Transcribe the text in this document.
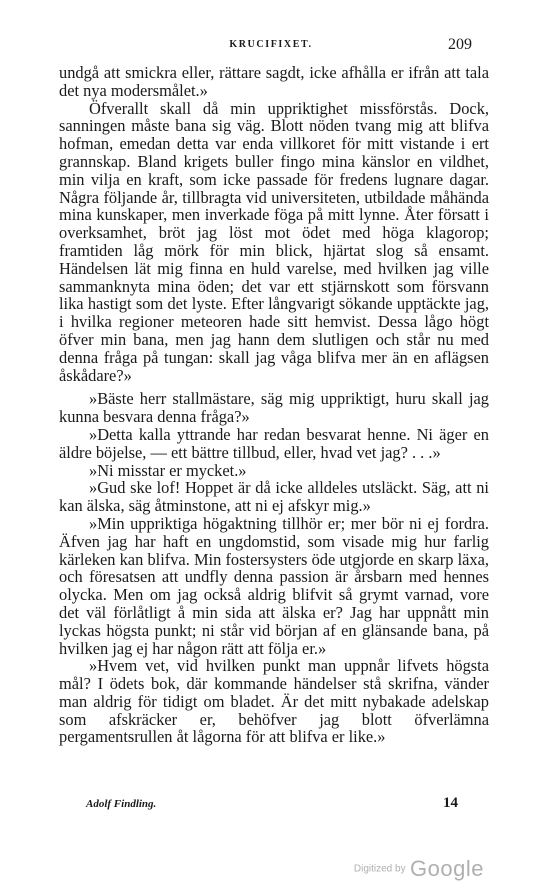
KRUCIFIXET.	209

undgå att smickra eller, rättare sagdt, icke afhålla er ifrån att tala det nya modersmålet.»

Öfverallt skall då min uppriktighet missförstås. Dock, sanningen måste bana sig väg. Blott nöden tvang mig att blifva hofman, emedan detta var enda villkoret för mitt vistande i ert grannskap. Bland krigets buller fingo mina känslor en vildhet, min vilja en kraft, som icke passade för fredens lugnare dagar. Några följande år, tillbragta vid universiteten, utbildade måhända mina kunskaper, men inverkade föga på mitt lynne. Åter försatt i overksamhet, bröt jag löst mot ödet med höga klagorop; framtiden låg mörk för min blick, hjärtat slog så ensamt. Händelsen lät mig finna en huld varelse, med hvilken jag ville sammanknyta mina öden; det var ett stjärnskott som försvann lika hastigt som det lyste. Efter långvarigt sökande upptäckte jag, i hvilka regioner meteoren hade sitt hemvist. Dessa lågo högt öfver min bana, men jag hann dem slutligen och står nu med denna fråga på tungan: skall jag våga blifva mer än en aflägsen åskådare?»

»Bäste herr stallmästare, säg mig uppriktigt, huru skall jag kunna besvara denna fråga?»

»Detta kalla yttrande har redan besvarat henne. Ni äger en äldre böjelse, — ett bättre tillbud, eller, hvad vet jag? . . .»

»Ni misstar er mycket.»

»Gud ske lof! Hoppet är då icke alldeles utsläckt. Säg, att ni kan älska, säg åtminstone, att ni ej afskyr mig.»

»Min uppriktiga högaktning tillhör er; mer bör ni ej fordra. Äfven jag har haft en ungdomstid, som visade mig hur farlig kärleken kan blifva. Min fostersysters öde utgjorde en skarp läxa, och föresatsen att undfly denna passion är årsbarn med hennes olycka. Men om jag också aldrig blifvit så grymt varnad, vore det väl förlåtligt å min sida att älska er? Jag har uppnått min lyckas högsta punkt; ni står vid början af en glänsande bana, på hvilken jag ej har någon rätt att följa er.»

»Hvem vet, vid hvilken punkt man uppnår lifvets högsta mål? I ödets bok, där kommande händelser stå skrifna, vänder man aldrig för tidigt om bladet. Är det mitt nybakade adelskap som afskräcker er, behöfver jag blott öfverlämna pergamentsrullen åt lågorna för att blifva er like.»

Adolf Findling.	14
Digitized by Google
